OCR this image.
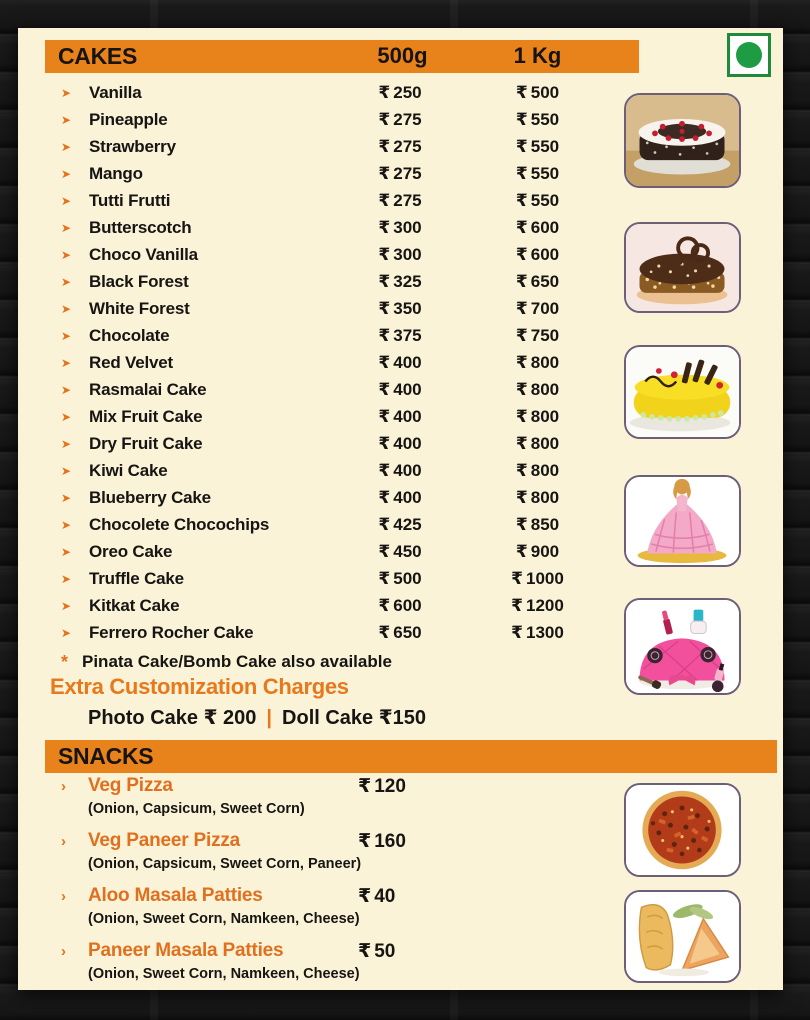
CAKES	500g	1 Kg
➤ Vanilla	₹ 250	₹ 500
➤ Pineapple	₹ 275	₹ 550
➤ Strawberry	₹ 275	₹ 550
➤ Mango	₹ 275	₹ 550
➤ Tutti Frutti	₹ 275	₹ 550
➤ Butterscotch	₹ 300	₹ 600
➤ Choco Vanilla	₹ 300	₹ 600
➤ Black Forest	₹ 325	₹ 650
➤ White Forest	₹ 350	₹ 700
➤ Chocolate	₹ 375	₹ 750
➤ Red Velvet	₹ 400	₹ 800
➤ Rasmalai Cake	₹ 400	₹ 800
➤ Mix Fruit Cake	₹ 400	₹ 800
➤ Dry Fruit Cake	₹ 400	₹ 800
➤ Kiwi Cake	₹ 400	₹ 800
➤ Blueberry Cake	₹ 400	₹ 800
➤ Chocolete Chocochips	₹ 425	₹ 850
➤ Oreo Cake	₹ 450	₹ 900
➤ Truffle Cake	₹ 500	₹ 1000
➤ Kitkat Cake	₹ 600	₹ 1200
➤ Ferrero Rocher Cake	₹ 650	₹ 1300
* Pinata Cake/Bomb Cake also available
Extra Customization Charges
Photo Cake ₹ 200 | Doll Cake ₹150
SNACKS
› Veg Pizza	₹ 120
(Onion, Capsicum, Sweet Corn)
› Veg Paneer Pizza	₹ 160
(Onion, Capsicum, Sweet Corn, Paneer)
› Aloo Masala Patties	₹ 40
(Onion, Sweet Corn, Namkeen, Cheese)
› Paneer Masala Patties	₹ 50
(Onion, Sweet Corn, Namkeen, Cheese)
